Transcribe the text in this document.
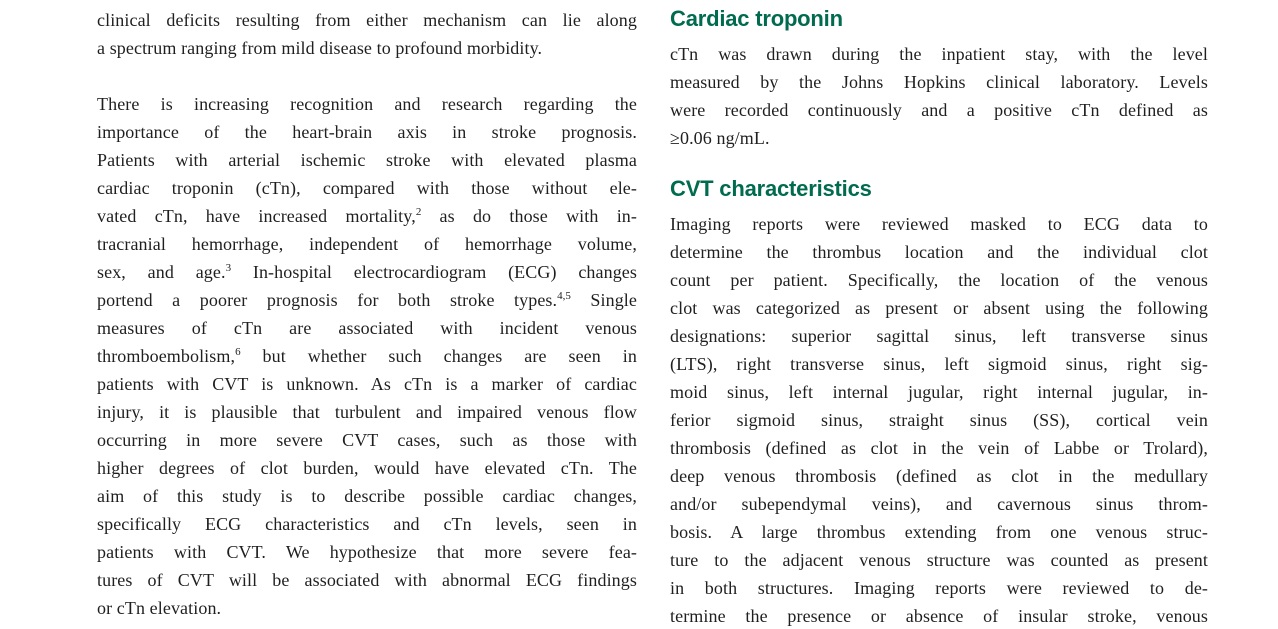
clinical deficits resulting from either mechanism can lie along
a spectrum ranging from mild disease to profound morbidity.
There is increasing recognition and research regarding the
importance of the heart-brain axis in stroke prognosis.
Patients with arterial ischemic stroke with elevated plasma
cardiac troponin (cTn), compared with those without ele-
vated cTn, have increased mortality,$^2$ as do those with in-
tracranial hemorrhage, independent of hemorrhage volume,
sex, and age.$^3$ In-hospital electrocardiogram (ECG) changes
portend a poorer prognosis for both stroke types.$^{4,5}$ Single
measures of cTn are associated with incident venous
thromboembolism,$^6$ but whether such changes are seen in
patients with CVT is unknown. As cTn is a marker of cardiac
injury, it is plausible that turbulent and impaired venous flow
occurring in more severe CVT cases, such as those with
higher degrees of clot burden, would have elevated cTn. The
aim of this study is to describe possible cardiac changes,
specifically ECG characteristics and cTn levels, seen in
patients with CVT. We hypothesize that more severe fea-
tures of CVT will be associated with abnormal ECG findings
or cTn elevation.
Cardiac troponin
cTn was drawn during the inpatient stay, with the level
measured by the Johns Hopkins clinical laboratory. Levels
were recorded continuously and a positive cTn defined as
≥0.06 ng/mL.
CVT characteristics
Imaging reports were reviewed masked to ECG data to
determine the thrombus location and the individual clot
count per patient. Specifically, the location of the venous
clot was categorized as present or absent using the following
designations: superior sagittal sinus, left transverse sinus
(LTS), right transverse sinus, left sigmoid sinus, right sig-
moid sinus, left internal jugular, right internal jugular, in-
ferior sigmoid sinus, straight sinus (SS), cortical vein
thrombosis (defined as clot in the vein of Labbe or Trolard),
deep venous thrombosis (defined as clot in the medullary
and/or subependymal veins), and cavernous sinus throm-
bosis. A large thrombus extending from one venous struc-
ture to the adjacent venous structure was counted as present
in both structures. Imaging reports were reviewed to de-
termine the presence or absence of insular stroke, venous
